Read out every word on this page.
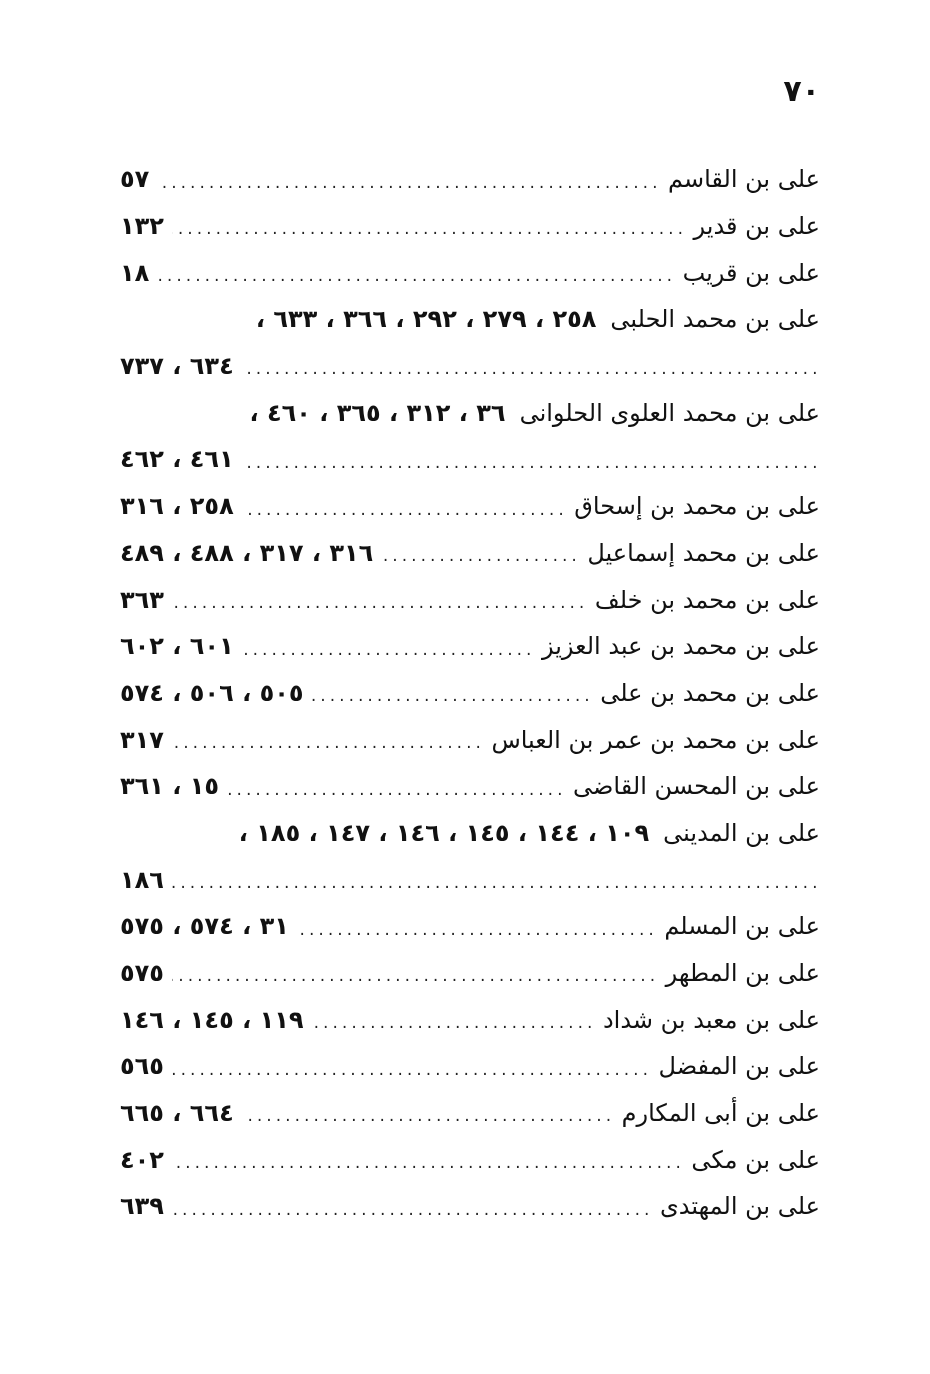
٧٠
على بن القاسم
.....
٥٧
على بن قدير
.....
١٣٢
على بن قريب
.....
١٨
على بن محمد الحلبى
٢٥٨ ، ٢٧٩ ، ٢٩٢ ، ٣٦٦ ، ٦٣٣ ،
.....
٦٣٤ ، ٧٣٧
على بن محمد العلوى الحلوانى
٣٦ ، ٣١٢ ، ٣٦٥ ، ٤٦٠ ،
.....
٤٦١ ، ٤٦٢
على بن محمد بن إسحاق
.....
٢٥٨ ، ٣١٦
على بن محمد إسماعيل
.....
٣١٦ ، ٣١٧ ، ٤٨٨ ، ٤٨٩
على بن محمد بن خلف
.....
٣٦٣
على بن محمد بن عبد العزيز
.....
٦٠١ ، ٦٠٢
على بن محمد بن على
.....
٥٠٥ ، ٥٠٦ ، ٥٧٤
على بن محمد بن عمر بن العباس
.....
٣١٧
على بن المحسن القاضى
.....
١٥ ، ٣٦١
على بن المدينى
١٠٩ ، ١٤٤ ، ١٤٥ ، ١٤٦ ، ١٤٧ ، ١٨٥ ،
.....
١٨٦
على بن المسلم
.....
٣١ ، ٥٧٤ ، ٥٧٥
على بن المطهر
.....
٥٧٥
على بن معبد بن شداد
.....
١١٩ ، ١٤٥ ، ١٤٦
على بن المفضل
.....
٥٦٥
على بن أبى المكارم
.....
٦٦٤ ، ٦٦٥
على بن مكى
.....
٤٠٢
على بن المهتدى
.....
٦٣٩
